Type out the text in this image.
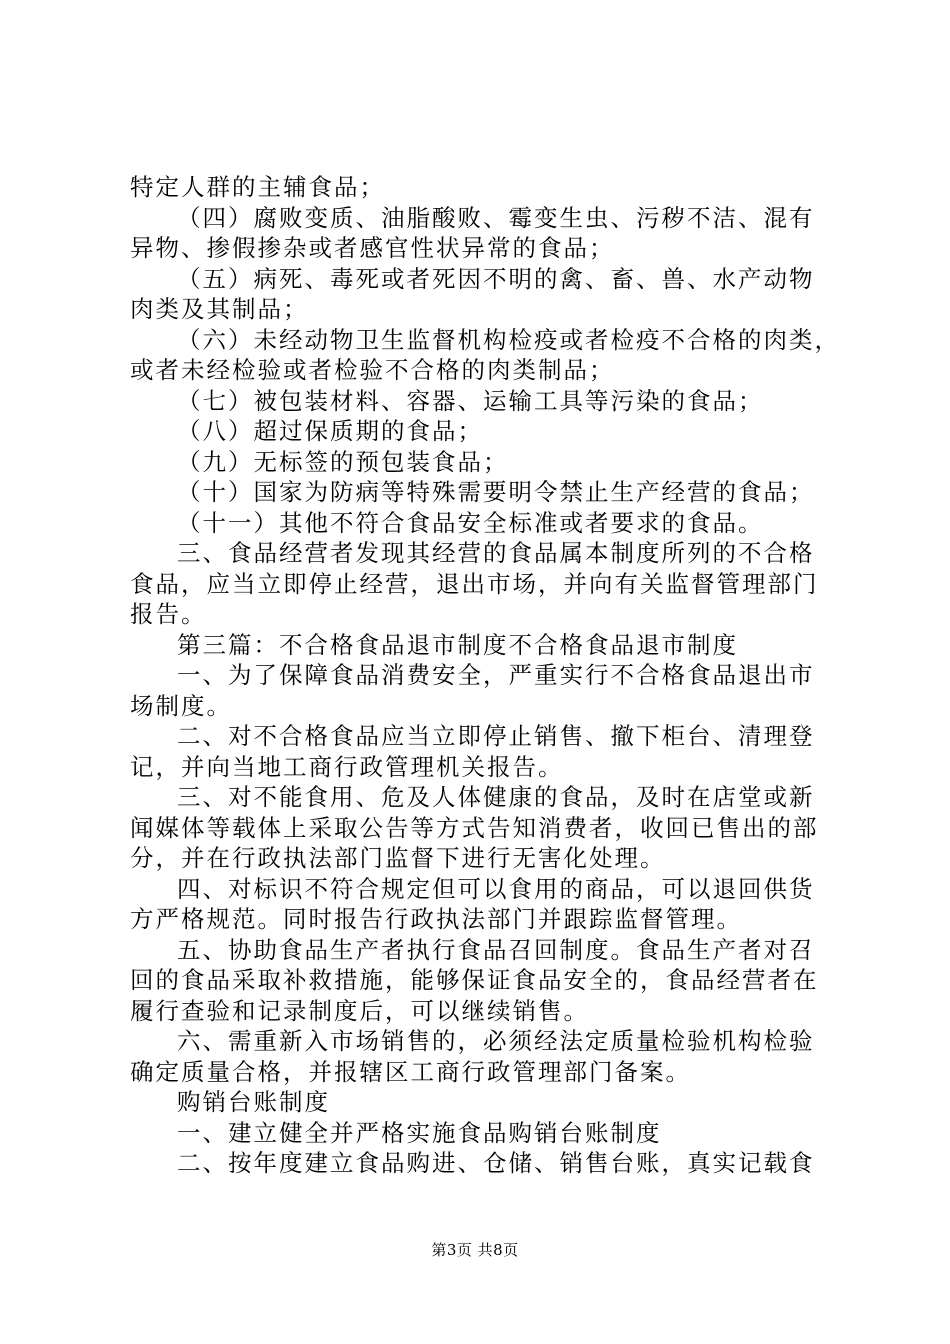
特定人群的主辅食品；
（四）腐败变质、油脂酸败、霉变生虫、污秽不洁、混有
异物、掺假掺杂或者感官性状异常的食品；
（五）病死、毒死或者死因不明的禽、畜、兽、水产动物
肉类及其制品；
（六）未经动物卫生监督机构检疫或者检疫不合格的肉类，
或者未经检验或者检验不合格的肉类制品；
（七）被包装材料、容器、运输工具等污染的食品；
（八）超过保质期的食品；
（九）无标签的预包装食品；
（十）国家为防病等特殊需要明令禁止生产经营的食品；
（十一）其他不符合食品安全标准或者要求的食品。
三、食品经营者发现其经营的食品属本制度所列的不合格
食品，应当立即停止经营，退出市场，并向有关监督管理部门
报告。
第三篇：不合格食品退市制度不合格食品退市制度
一、为了保障食品消费安全，严重实行不合格食品退出市
场制度。
二、对不合格食品应当立即停止销售、撤下柜台、清理登
记，并向当地工商行政管理机关报告。
三、对不能食用、危及人体健康的食品，及时在店堂或新
闻媒体等载体上采取公告等方式告知消费者，收回已售出的部
分，并在行政执法部门监督下进行无害化处理。
四、对标识不符合规定但可以食用的商品，可以退回供货
方严格规范。同时报告行政执法部门并跟踪监督管理。
五、协助食品生产者执行食品召回制度。食品生产者对召
回的食品采取补救措施，能够保证食品安全的，食品经营者在
履行查验和记录制度后，可以继续销售。
六、需重新入市场销售的，必须经法定质量检验机构检验
确定质量合格，并报辖区工商行政管理部门备案。
购销台账制度
一、建立健全并严格实施食品购销台账制度
二、按年度建立食品购进、仓储、销售台账，真实记载食
第3页 共8页
